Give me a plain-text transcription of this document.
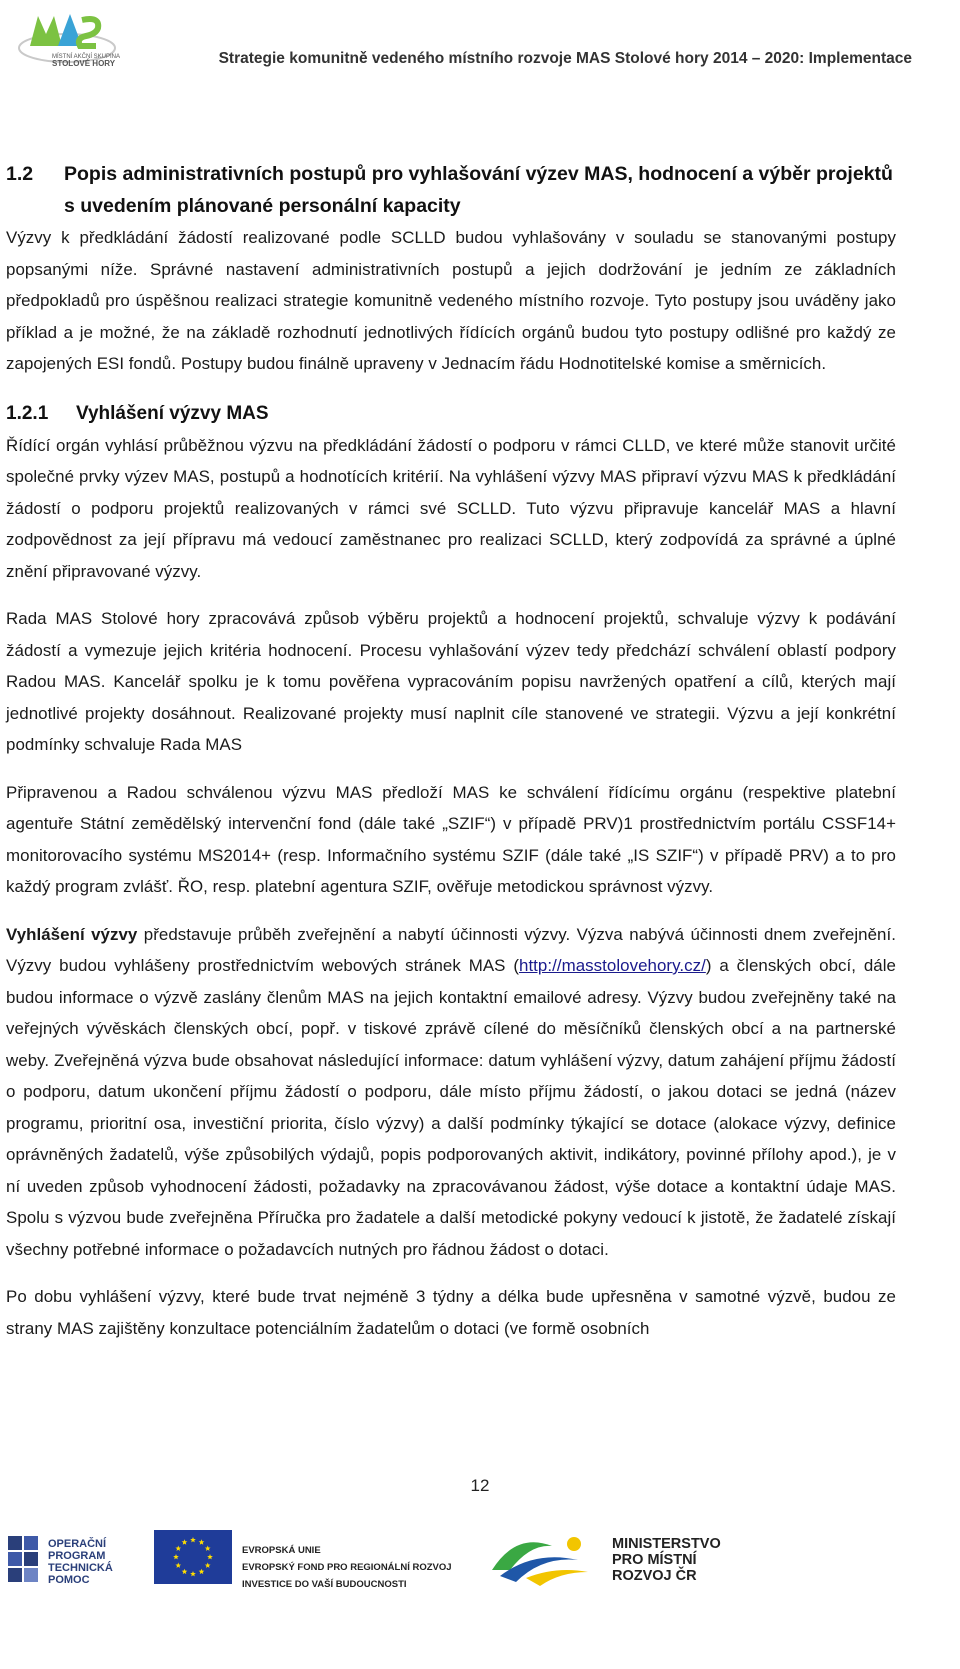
MÍSTNÍ AKČNÍ SKUPINA
STOLOVÉ HORY	Strategie komunitně vedeného místního rozvoje MAS Stolové hory 2014 – 2020: Implementace
1.2	Popis administrativních postupů pro vyhlašování výzev MAS, hodnocení a výběr projektů s uvedením plánované personální kapacity

Výzvy k předkládání žádostí realizované podle SCLLD budou vyhlašovány v souladu se stanovanými postupy popsanými níže. Správné nastavení administrativních postupů a jejich dodržování je jedním ze základních předpokladů pro úspěšnou realizaci strategie komunitně vedeného místního rozvoje. Tyto postupy jsou uváděny jako příklad a je možné, že na základě rozhodnutí jednotlivých řídících orgánů budou tyto postupy odlišné pro každý ze zapojených ESI fondů. Postupy budou finálně upraveny v Jednacím řádu Hodnotitelské komise a směrnicích.

1.2.1	Vyhlášení výzvy MAS

Řídící orgán vyhlásí průběžnou výzvu na předkládání žádostí o podporu v rámci CLLD, ve které může stanovit určité společné prvky výzev MAS, postupů a hodnotících kritérií. Na vyhlášení výzvy MAS připraví výzvu MAS k předkládání žádostí o podporu projektů realizovaných v rámci své SCLLD. Tuto výzvu připravuje kancelář MAS a hlavní zodpovědnost za její přípravu má vedoucí zaměstnanec pro realizaci SCLLD, který zodpovídá za správné a úplné znění připravované výzvy.

Rada MAS Stolové hory zpracovává způsob výběru projektů a hodnocení projektů, schvaluje výzvy k podávání žádostí a vymezuje jejich kritéria hodnocení. Procesu vyhlašování výzev tedy předchází schválení oblastí podpory Radou MAS. Kancelář spolku je k tomu pověřena vypracováním popisu navržených opatření a cílů, kterých mají jednotlivé projekty dosáhnout. Realizované projekty musí naplnit cíle stanovené ve strategii. Výzvu a její konkrétní podmínky schvaluje Rada MAS

Připravenou a Radou schválenou výzvu MAS předloží MAS ke schválení řídícímu orgánu (respektive platební agentuře Státní zemědělský intervenční fond (dále také „SZIF“) v případě PRV)1 prostřednictvím portálu CSSF14+ monitorovacího systému MS2014+ (resp. Informačního systému SZIF (dále také „IS SZIF“) v případě PRV) a to pro každý program zvlášť. ŘO, resp. platební agentura SZIF, ověřuje metodickou správnost výzvy.

Vyhlášení výzvy představuje průběh zveřejnění a nabytí účinnosti výzvy. Výzva nabývá účinnosti dnem zveřejnění. Výzvy budou vyhlášeny prostřednictvím webových stránek MAS (http://masstolovehory.cz/) a členských obcí, dále budou informace o výzvě zaslány členům MAS na jejich kontaktní emailové adresy. Výzvy budou zveřejněny také na veřejných vývěskách členských obcí, popř. v tiskové zprávě cílené do měsíčníků členských obcí a na partnerské weby. Zveřejněná výzva bude obsahovat následující informace: datum vyhlášení výzvy, datum zahájení příjmu žádostí o podporu, datum ukončení příjmu žádostí o podporu, dále místo příjmu žádostí, o jakou dotaci se jedná (název programu, prioritní osa, investiční priorita, číslo výzvy) a další podmínky týkající se dotace (alokace výzvy, definice oprávněných žadatelů, výše způsobilých výdajů, popis podporovaných aktivit, indikátory, povinné přílohy apod.), je v ní uveden způsob vyhodnocení žádosti, požadavky na zpracovávanou žádost, výše dotace a kontaktní údaje MAS. Spolu s výzvou bude zveřejněna Příručka pro žadatele a další metodické pokyny vedoucí k jistotě, že žadatelé získají všechny potřebné informace o požadavcích nutných pro řádnou žádost o dotaci.

Po dobu vyhlášení výzvy, které bude trvat nejméně 3 týdny a délka bude upřesněna v samotné výzvě, budou ze strany MAS zajištěny konzultace potenciálním žadatelům o dotaci (ve formě osobních

12
OPERAČNÍ
PROGRAM
TECHNICKÁ
POMOC
EVROPSKÁ UNIE
EVROPSKÝ FOND PRO REGIONÁLNÍ ROZVOJ
INVESTICE DO VAŠÍ BUDOUCNOSTI
MINISTERSTVO
PRO MÍSTNÍ
ROZVOJ ČR
